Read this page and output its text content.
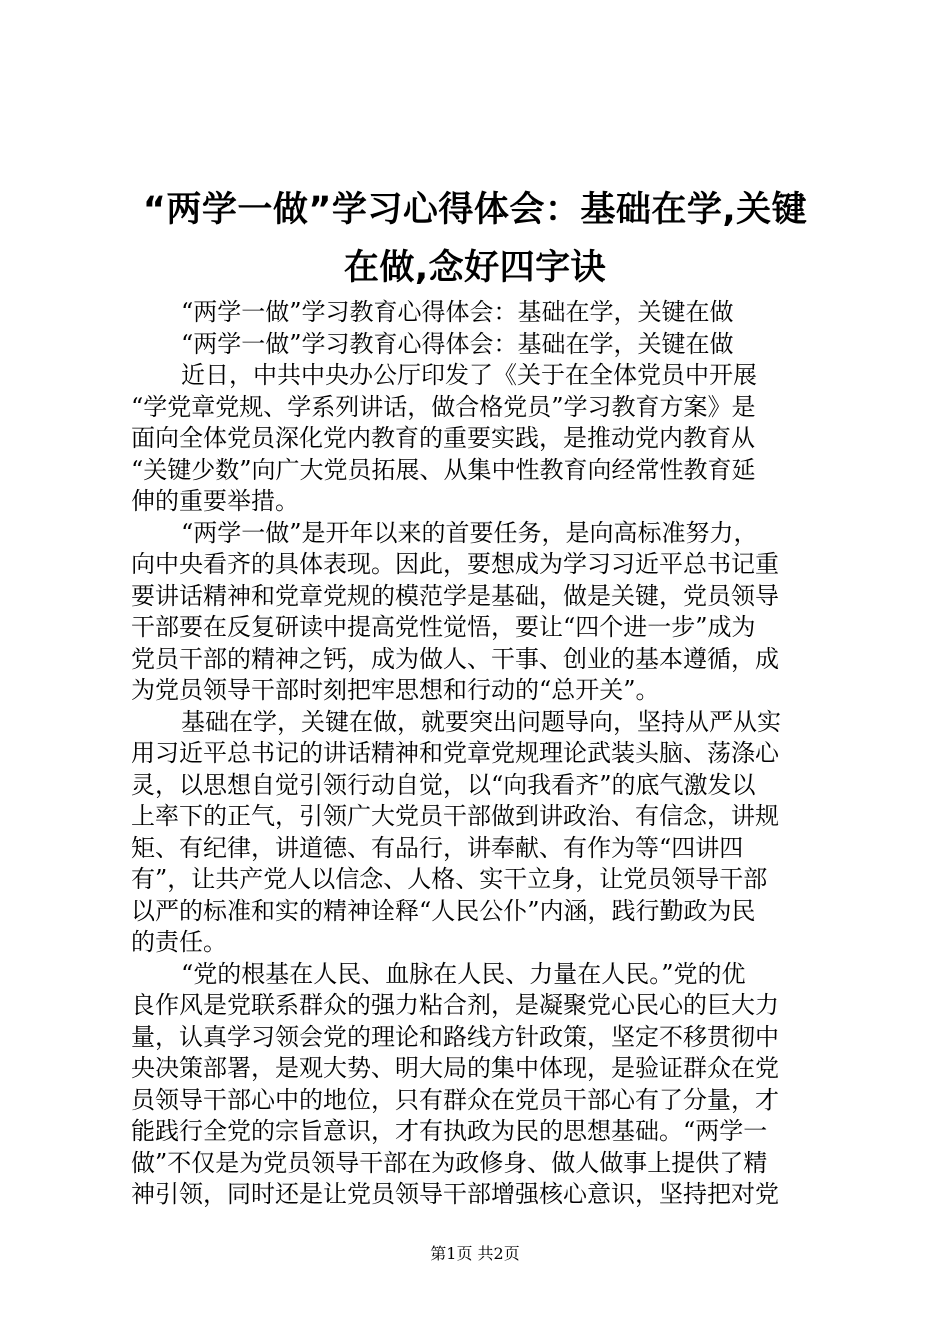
“两学一做”学习心得体会：基础在学,关键
在做,念好四字诀
“两学一做”学习教育心得体会：基础在学，关键在做
“两学一做”学习教育心得体会：基础在学，关键在做
近日，中共中央办公厅印发了《关于在全体党员中开展
“学党章党规、学系列讲话，做合格党员”学习教育方案》是
面向全体党员深化党内教育的重要实践，是推动党内教育从
“关键少数”向广大党员拓展、从集中性教育向经常性教育延
伸的重要举措。
“两学一做”是开年以来的首要任务，是向高标准努力，
向中央看齐的具体表现。因此，要想成为学习习近平总书记重
要讲话精神和党章党规的模范学是基础，做是关键，党员领导
干部要在反复研读中提高党性觉悟，要让“四个进一步”成为
党员干部的精神之钙，成为做人、干事、创业的基本遵循，成
为党员领导干部时刻把牢思想和行动的“总开关”。
基础在学，关键在做，就要突出问题导向，坚持从严从实
用习近平总书记的讲话精神和党章党规理论武装头脑、荡涤心
灵，以思想自觉引领行动自觉，以“向我看齐”的底气激发以
上率下的正气，引领广大党员干部做到讲政治、有信念，讲规
矩、有纪律，讲道德、有品行，讲奉献、有作为等“四讲四
有”，让共产党人以信念、人格、实干立身，让党员领导干部
以严的标准和实的精神诠释“人民公仆”内涵，践行勤政为民
的责任。
“党的根基在人民、血脉在人民、力量在人民。”党的优
良作风是党联系群众的强力粘合剂，是凝聚党心民心的巨大力
量，认真学习领会党的理论和路线方针政策，坚定不移贯彻中
央决策部署，是观大势、明大局的集中体现，是验证群众在党
员领导干部心中的地位，只有群众在党员干部心有了分量，才
能践行全党的宗旨意识，才有执政为民的思想基础。“两学一
做”不仅是为党员领导干部在为政修身、做人做事上提供了精
神引领，同时还是让党员领导干部增强核心意识，坚持把对党
第1页 共2页
